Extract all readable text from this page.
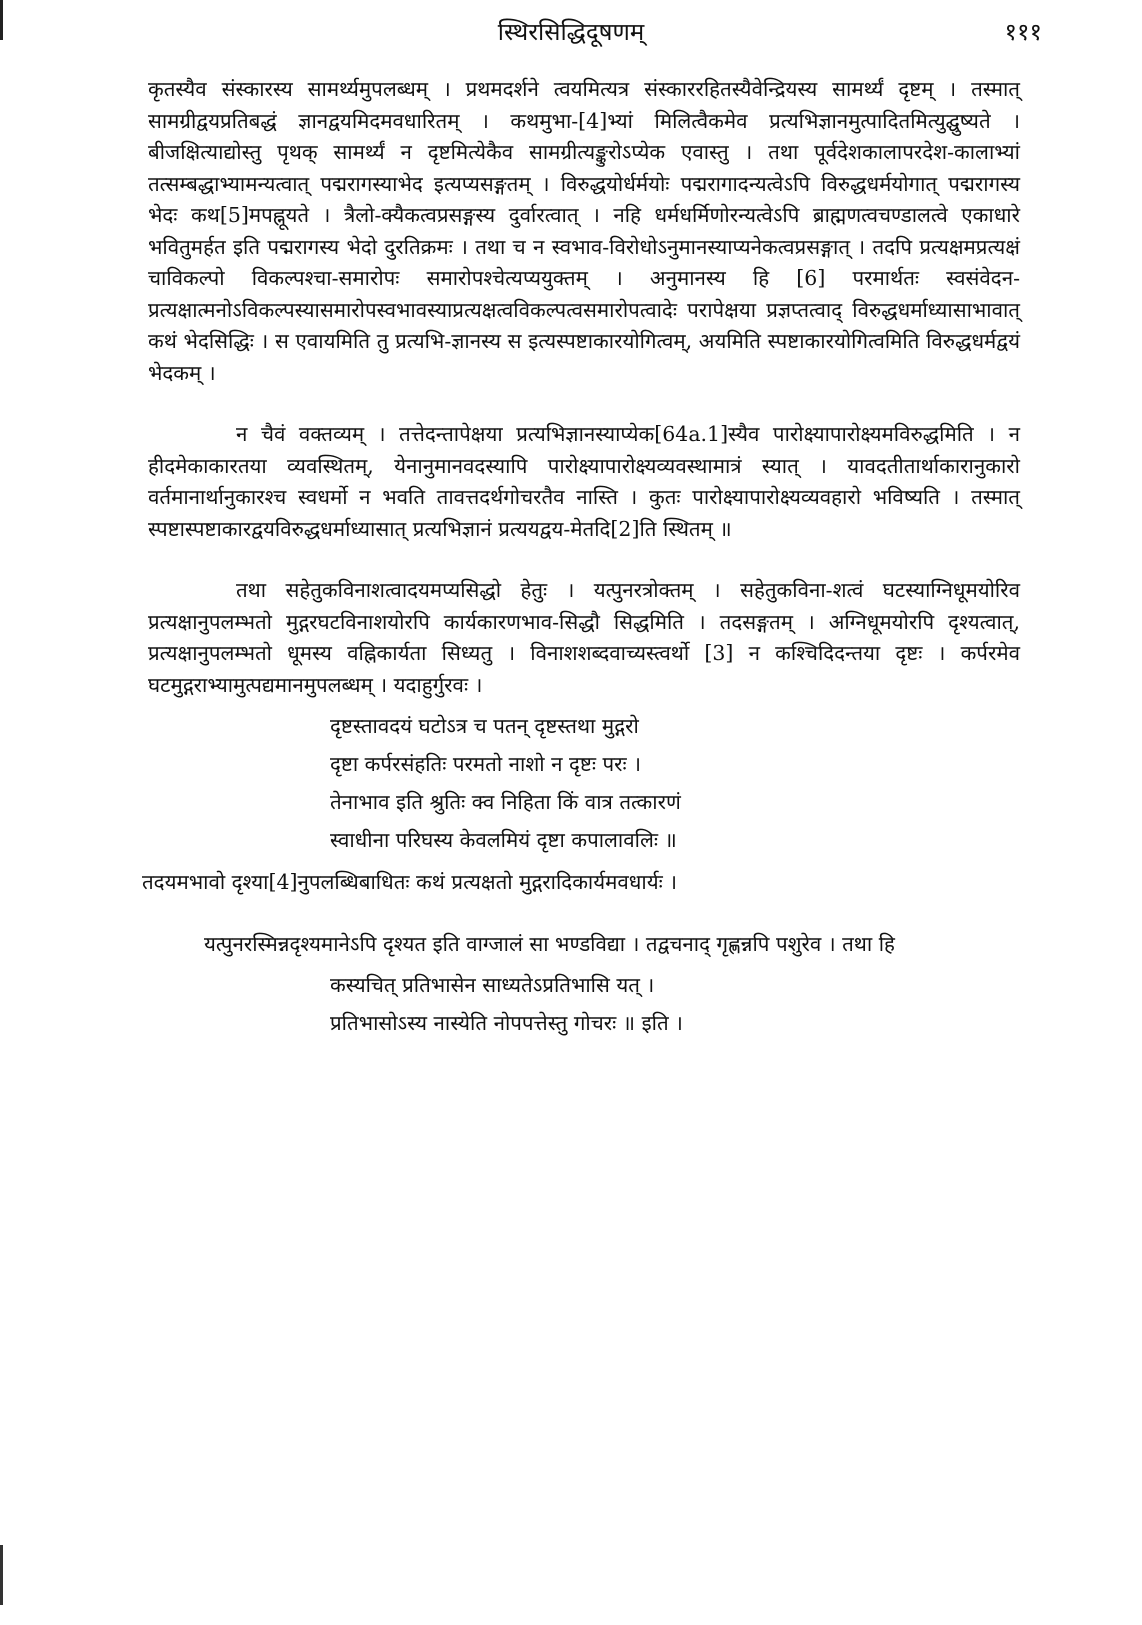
स्थिरसिद्धिदूषणम्	१११

कृतस्यैव संस्कारस्य सामर्थ्यमुपलब्धम् । प्रथमदर्शने त्वयमित्यत्र संस्काररहितस्यैवेन्द्रियस्य सामर्थ्यं दृष्टम् । तस्मात् सामग्रीद्वयप्रतिबद्धं ज्ञानद्वयमिदमवधारितम् । कथमुभा-[4]भ्यां मिलित्वैकमेव प्रत्यभिज्ञानमुत्पादितमित्युद्घुष्यते । बीजक्षित्याद्योस्तु पृथक् सामर्थ्यं न दृष्टमित्येकैव सामग्रीत्यङ्कुरोऽप्येक एवास्तु । तथा पूर्वदेशकालापरदेश-कालाभ्यां तत्सम्बद्धाभ्यामन्यत्वात् पद्मरागस्याभेद इत्यप्यसङ्गतम् । विरुद्धयोर्धर्मयोः पद्मरागादन्यत्वेऽपि विरुद्धधर्मयोगात् पद्मरागस्य भेदः कथ[5]मपह्नूयते । त्रैलो-क्यैकत्वप्रसङ्गस्य दुर्वारत्वात् । नहि धर्मधर्मिणोरन्यत्वेऽपि ब्राह्मणत्वचण्डालत्वे एकाधारे भवितुमर्हत इति पद्मरागस्य भेदो दुरतिक्रमः । तथा च न स्वभाव-विरोधोऽनुमानस्याप्यनेकत्वप्रसङ्गात् । तदपि प्रत्यक्षमप्रत्यक्षं चाविकल्पो विकल्पश्चा-समारोपः समारोपश्चेत्यप्ययुक्तम् । अनुमानस्य हि [6] परमार्थतः स्वसंवेदन-प्रत्यक्षात्मनोऽविकल्पस्यासमारोपस्वभावस्याप्रत्यक्षत्वविकल्पत्वसमारोपत्वादेः परापेक्षया प्रज्ञप्तत्वाद् विरुद्धधर्माध्यासाभावात् कथं भेदसिद्धिः । स एवायमिति तु प्रत्यभि-ज्ञानस्य स इत्यस्पष्टाकारयोगित्वम्, अयमिति स्पष्टाकारयोगित्वमिति विरुद्धधर्मद्वयं भेदकम् ।

न चैवं वक्तव्यम् । तत्तेदन्तापेक्षया प्रत्यभिज्ञानस्याप्येक[64a.1]स्यैव पारोक्ष्यापारोक्ष्यमविरुद्धमिति । न हीदमेकाकारतया व्यवस्थितम्, येनानुमानवदस्यापि पारोक्ष्यापारोक्ष्यव्यवस्थामात्रं स्यात् । यावदतीतार्थाकारानुकारो वर्तमानार्थानुकारश्च स्वधर्मो न भवति तावत्तदर्थगोचरतैव नास्ति । कुतः पारोक्ष्यापारोक्ष्यव्यवहारो भविष्यति । तस्मात् स्पष्टास्पष्टाकारद्वयविरुद्धधर्माध्यासात् प्रत्यभिज्ञानं प्रत्ययद्वय-मेतदि[2]ति स्थितम् ॥

तथा सहेतुकविनाशत्वादयमप्यसिद्धो हेतुः । यत्पुनरत्रोक्तम् । सहेतुकविना-शत्वं घटस्याग्निधूमयोरिव प्रत्यक्षानुपलम्भतो मुद्गरघटविनाशयोरपि कार्यकारणभाव-सिद्धौ सिद्धमिति । तदसङ्गतम् । अग्निधूमयोरपि दृश्यत्वात्, प्रत्यक्षानुपलम्भतो धूमस्य वह्निकार्यता सिध्यतु । विनाशशब्दवाच्यस्त्वर्थो [3] न कश्चिदिदन्तया दृष्टः । कर्परमेव घटमुद्गराभ्यामुत्पद्यमानमुपलब्धम् । यदाहुर्गुरवः ।

दृष्टस्तावदयं घटोऽत्र च पतन् दृष्टस्तथा मुद्गरो
दृष्टा कर्परसंहतिः परमतो नाशो न दृष्टः परः ।
तेनाभाव इति श्रुतिः क्व निहिता किं वात्र तत्कारणं
स्वाधीना परिघस्य केवलमियं दृष्टा कपालावलिः ॥

तदयमभावो दृश्या[4]नुपलब्धिबाधितः कथं प्रत्यक्षतो मुद्गरादिकार्यमवधार्यः ।

यत्पुनरस्मिन्नदृश्यमानेऽपि दृश्यत इति वाग्जालं सा भण्डविद्या । तद्वचनाद् गृह्णन्नपि पशुरेव । तथा हि

कस्यचित् प्रतिभासेन साध्यतेऽप्रतिभासि यत् ।
प्रतिभासोऽस्य नास्येति नोपपत्तेस्तु गोचरः ॥ इति ।
